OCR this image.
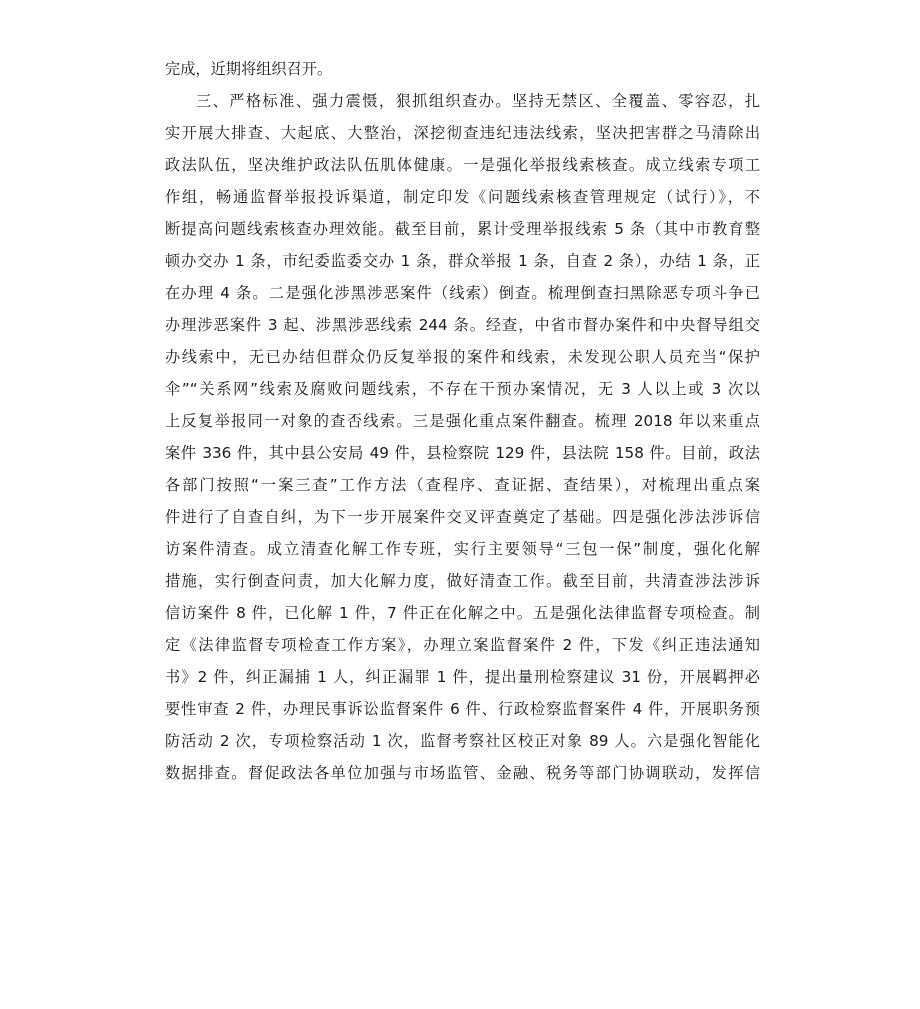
完成，近期将组织召开。
三、严格标准、强力震慑，狠抓组织查办。坚持无禁区、全覆盖、零容忍，扎
实开展大排查、大起底、大整治，深挖彻查违纪违法线索，坚决把害群之马清除出
政法队伍，坚决维护政法队伍肌体健康。一是强化举报线索核查。成立线索专项工
作组，畅通监督举报投诉渠道，制定印发《问题线索核查管理规定（试行）》，不
断提高问题线索核查办理效能。截至目前，累计受理举报线索 5 条（其中市教育整
顿办交办 1 条，市纪委监委交办 1 条，群众举报 1 条，自查 2 条），办结 1 条，正
在办理 4 条。二是强化涉黑涉恶案件（线索）倒查。梳理倒查扫黑除恶专项斗争已
办理涉恶案件 3 起、涉黑涉恶线索 244 条。经查，中省市督办案件和中央督导组交
办线索中，无已办结但群众仍反复举报的案件和线索，未发现公职人员充当“保护
伞”“关系网”线索及腐败问题线索，不存在干预办案情况，无 3 人以上或 3 次以
上反复举报同一对象的查否线索。三是强化重点案件翻查。梳理 2018 年以来重点
案件 336 件，其中县公安局 49 件，县检察院 129 件，县法院 158 件。目前，政法
各部门按照“一案三查”工作方法（查程序、查证据、查结果），对梳理出重点案
件进行了自查自纠，为下一步开展案件交叉评查奠定了基础。四是强化涉法涉诉信
访案件清查。成立清查化解工作专班，实行主要领导“三包一保”制度，强化化解
措施，实行倒查问责，加大化解力度，做好清查工作。截至目前，共清查涉法涉诉
信访案件 8 件，已化解 1 件，7 件正在化解之中。五是强化法律监督专项检查。制
定《法律监督专项检查工作方案》，办理立案监督案件 2 件，下发《纠正违法通知
书》2 件，纠正漏捕 1 人，纠正漏罪 1 件，提出量刑检察建议 31 份，开展羁押必
要性审查 2 件，办理民事诉讼监督案件 6 件、行政检察监督案件 4 件，开展职务预
防活动 2 次，专项检察活动 1 次，监督考察社区校正对象 89 人。六是强化智能化
数据排查。督促政法各单位加强与市场监管、金融、税务等部门协调联动，发挥信
